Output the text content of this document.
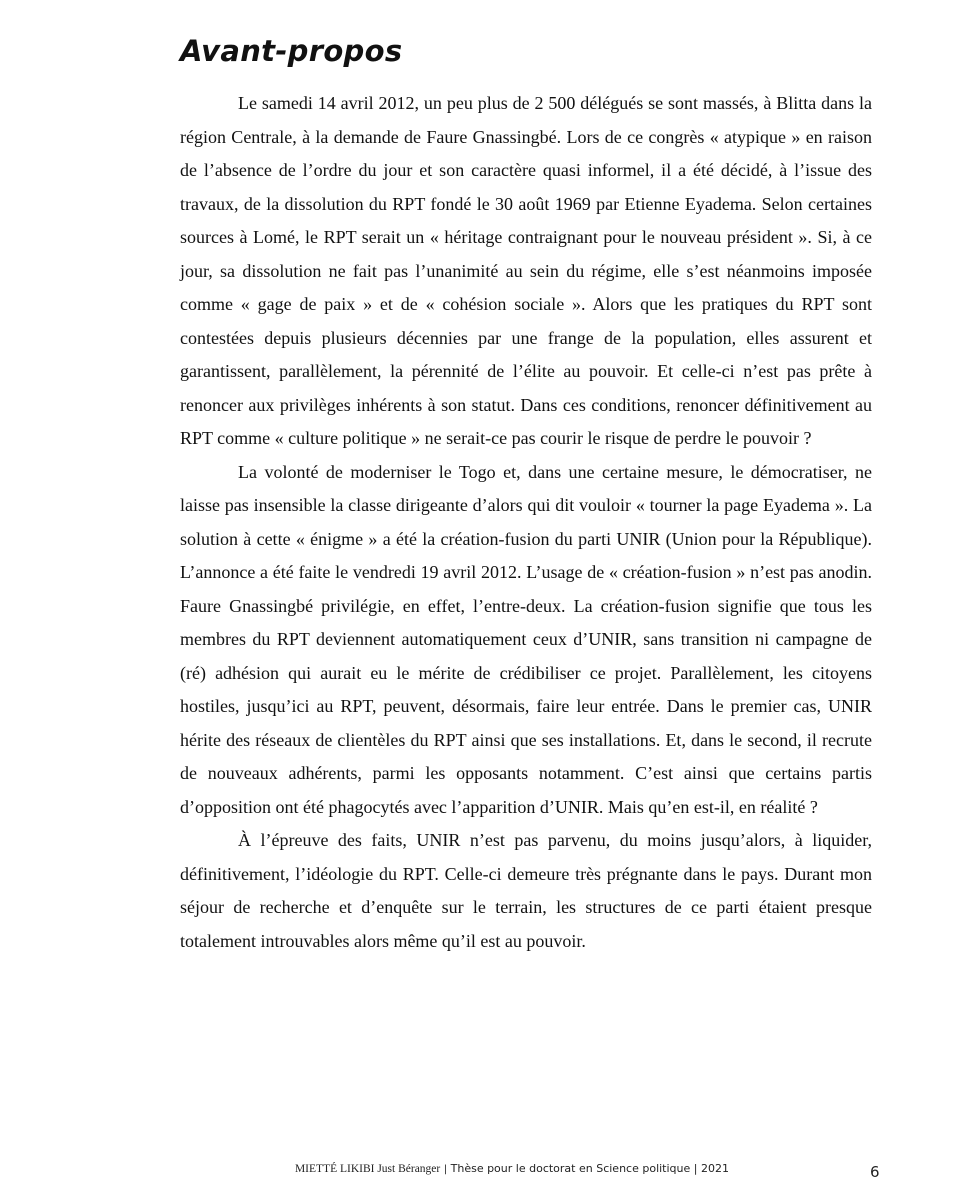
Avant-propos

Le samedi 14 avril 2012, un peu plus de 2 500 délégués se sont massés, à Blitta dans la région Centrale, à la demande de Faure Gnassingbé. Lors de ce congrès « atypique » en raison de l’absence de l’ordre du jour et son caractère quasi informel, il a été décidé, à l’issue des travaux, de la dissolution du RPT fondé le 30 août 1969 par Etienne Eyadema. Selon certaines sources à Lomé, le RPT serait un « héritage contraignant pour le nouveau président ». Si, à ce jour, sa dissolution ne fait pas l’unanimité au sein du régime, elle s’est néanmoins imposée comme « gage de paix » et de « cohésion sociale ». Alors que les pratiques du RPT sont contestées depuis plusieurs décennies par une frange de la population, elles assurent et garantissent, parallèlement, la pérennité de l’élite au pouvoir. Et celle-ci n’est pas prête à renoncer aux privilèges inhérents à son statut. Dans ces conditions, renoncer définitivement au RPT comme « culture politique » ne serait-ce pas courir le risque de perdre le pouvoir ?

La volonté de moderniser le Togo et, dans une certaine mesure, le démocratiser, ne laisse pas insensible la classe dirigeante d’alors qui dit vouloir « tourner la page Eyadema ». La solution à cette « énigme » a été la création-fusion du parti UNIR (Union pour la République). L’annonce a été faite le vendredi 19 avril 2012. L’usage de « création-fusion » n’est pas anodin. Faure Gnassingbé privilégie, en effet, l’entre-deux. La création-fusion signifie que tous les membres du RPT deviennent automatiquement ceux d’UNIR, sans transition ni campagne de (ré) adhésion qui aurait eu le mérite de crédibiliser ce projet. Parallèlement, les citoyens hostiles, jusqu’ici au RPT, peuvent, désormais, faire leur entrée. Dans le premier cas, UNIR hérite des réseaux de clientèles du RPT ainsi que ses installations. Et, dans le second, il recrute de nouveaux adhérents, parmi les opposants notamment. C’est ainsi que certains partis d’opposition ont été phagocytés avec l’apparition d’UNIR. Mais qu’en est-il, en réalité ?

À l’épreuve des faits, UNIR n’est pas parvenu, du moins jusqu’alors, à liquider, définitivement, l’idéologie du RPT. Celle-ci demeure très prégnante dans le pays. Durant mon séjour de recherche et d’enquête sur le terrain, les structures de ce parti étaient presque totalement introuvables alors même qu’il est au pouvoir.

MIETTÉ LIKIBI Just Béranger | Thèse pour le doctorat en Science politique | 2021	6
